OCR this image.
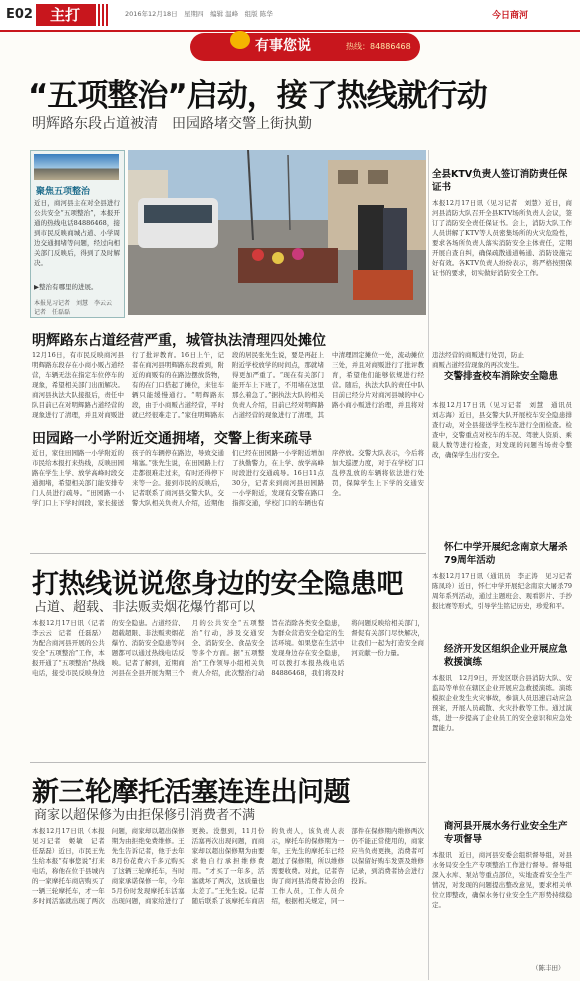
E02	主打	2016年12月18日　星期四　编辑 温峰　组版 陈华	今日商河
有事您说	热线：84886468
“五项整治”启动，接了热线就行动
明辉路东段占道被清　田园路堵交警上街执勤
聚焦五项整治
近日，商河县主在对全县进行公共安全“五项整治”，本报开通的热线电话84886468，接到市民反映商城占道、小学周边交通拥堵等问题，经过向相关部门反映后，得到了及时解决。
▶整治有哪里的进展。
本报见习记者　刘慧　李云云　记者　任磊磊
明辉路东占道经营严重，城管执法清理四处摊位
12月16日，有市民反映商河县明辉路东段存在小商小贩占道经营，车辆无法在指定车位停车的现象，希望相关部门出面解决。商河县执法大队接报后，责任中队目前已在对明辉路占道经营的现象进行了清理，并且对商贩进行了批评教育。16日上午，记者在商河县明辉路东段看到，附近的商贩有的在路边摆放货物，有的在门口搭起了摊位，来往车辆只能缓慢通行。“明辉路东段，由于小商贩占道经营，平时就已经很难走了。”家住明辉路东段的居民张先生说，要是再赶上附近学校放学的时间点，那就堵得更加严重了。“现在有关部门能开车上下班了，不用堵在这里那么着急了。”据执法大队的相关负责人介绍，目前已经对明辉路占道经营的现象进行了清理，其中清理固定摊位一处，流动摊位三处，并且对商贩进行了批评教育，希望他们能够依规进行经营。随后，执法大队的责任中队目前已经分片对商河县城的中心路小商小贩进行治理，并且将对违法经营的商贩进行处罚，防止商贩占道经营现象的再次发生。
田园路一小学附近交通拥堵，交警上街来疏导
近日，家住田园路一小学附近的市民给本报打来热线，反映田园路在学生上学、放学高峰时段交通拥堵，希望相关部门能安排专门人员进行疏导。“田园路一小学门口上下学时间段，家长接送孩子的车辆停在路边，导致交通堵塞。”张先生说，在田园路上行走都很难走过来，有时还得停下来等一会。接到市民的反映后，记者联系了商河县交警大队，交警大队相关负责人介绍，近期他们已经在田园路一小学附近增加了执勤警力，在上学、放学高峰时段进行交通疏导。16日11点30分，记者来到商河县田园路一小学附近，发现有交警在路口指挥交通，学校门口的车辆也有序停放。交警大队表示，今后将加大巡逻力度，对于在学校门口乱停乱放的车辆将依法进行处罚，保障学生上下学的交通安全。
打热线说说您身边的安全隐患吧
占道、超载、非法贩卖烟花爆竹都可以
本报12月17日讯（记者　李云云　记者　任磊磊）为配合商河县开展的公共安全“五项整治”工作，本报开通了“五项整治”热线电话，接受市民反映身边的安全隐患。占道经营、超载超限、非法贩卖烟花爆竹、消防安全隐患等问题都可以通过热线电话反映。记者了解到，近期商河县在全县开展为期三个月的公共安全“五项整治”行动，涉及交通安全、消防安全、食品安全等多个方面。据“五项整治”工作领导小组相关负责人介绍，此次整治行动旨在消除各类安全隐患，为群众营造安全稳定的生活环境。如果您在生活中发现身边存在安全隐患，可以拨打本报热线电话84886468，我们将及时将问题反映给相关部门，督促有关部门尽快解决，让我们一起为打造安全商河贡献一份力量。
新三轮摩托活塞连连出问题
商家以超保修为由拒保修引消费者不满
本报12月17日讯（本报见习记者　姬敏　记者　任磊磊）近日，市民王先生给本报“有事您说”打来电话，称他在位于县城内的一家摩托车商店购买了一辆三轮摩托车，才一年多时间活塞就出现了两次问题，商家却以超出保修期为由拒绝免费维修。王先生告诉记者，他于去年8月份花费六千多元购买了这辆三轮摩托车，当时商家承诺保修一年，今年5月份时发现摩托车活塞出现问题，商家给进行了更换。没想到，11月份活塞再次出现问题，而商家却以超出保修期为由要求他自行承担维修费用。“才买了一年多，活塞就坏了两次，这质量也太差了。”王先生说。记者随后联系了该摩托车商店的负责人，该负责人表示，摩托车的保修期为一年，王先生的摩托车已经超过了保修期，所以维修需要收费。对此，记者咨询了商河县消费者协会的工作人员，工作人员介绍，根据相关规定，同一部件在保修期内维修两次仍不能正常使用的，商家应当负责更换，消费者可以保留好购车发票及维修记录，到消费者协会进行投诉。
全县KTV负责人签订消防责任保证书
本报12月17日讯（见习记者　刘慧）近日，商河县消防大队召开全县KTV场所负责人会议，签订了消防安全责任保证书。会上，消防大队工作人员讲解了KTV等人员密集场所的火灾危险性，要求各场所负责人落实消防安全主体责任，定期开展自查自纠，确保疏散通道畅通、消防设施完好有效。各KTV负责人纷纷表示，将严格按照保证书的要求，切实做好消防安全工作。
交警排查校车消除安全隐患
本报12月17日讯（见习记者　刘慧　通讯员　刘志海）近日，县交警大队开展校车安全隐患排查行动，对全县接送学生校车进行全面检查。检查中，交警重点对校车的车况、驾驶人资质、乘载人数等进行检查，对发现的问题当场责令整改，确保学生出行安全。
怀仁中学开展纪念南京大屠杀79周年活动
本报12月17日讯（通讯员　李正涛　见习记者　陈凤玲）近日，怀仁中学开展纪念南京大屠杀79周年系列活动，通过主题班会、观看影片、手抄报比赛等形式，引导学生铭记历史，珍爱和平。
经济开发区组织企业开展应急救援演练
本报讯　12月9日，开发区联合县消防大队、安监局等单位在辖区企业开展应急救援演练。演练模拟企业发生火灾事故，参演人员迅速启动应急预案，开展人员疏散、火灾扑救等工作。通过演练，进一步提高了企业员工的安全意识和应急处置能力。
商河县开展水务行业安全生产专项督导
本报讯　近日，商河县安委会组织督导组，对县水务局安全生产专项整治工作进行督导。督导组深入水库、泵站等重点部位，实地查看安全生产情况，对发现的问题提出整改意见，要求相关单位立即整改，确保水务行业安全生产形势持续稳定。
（陈丰田）
